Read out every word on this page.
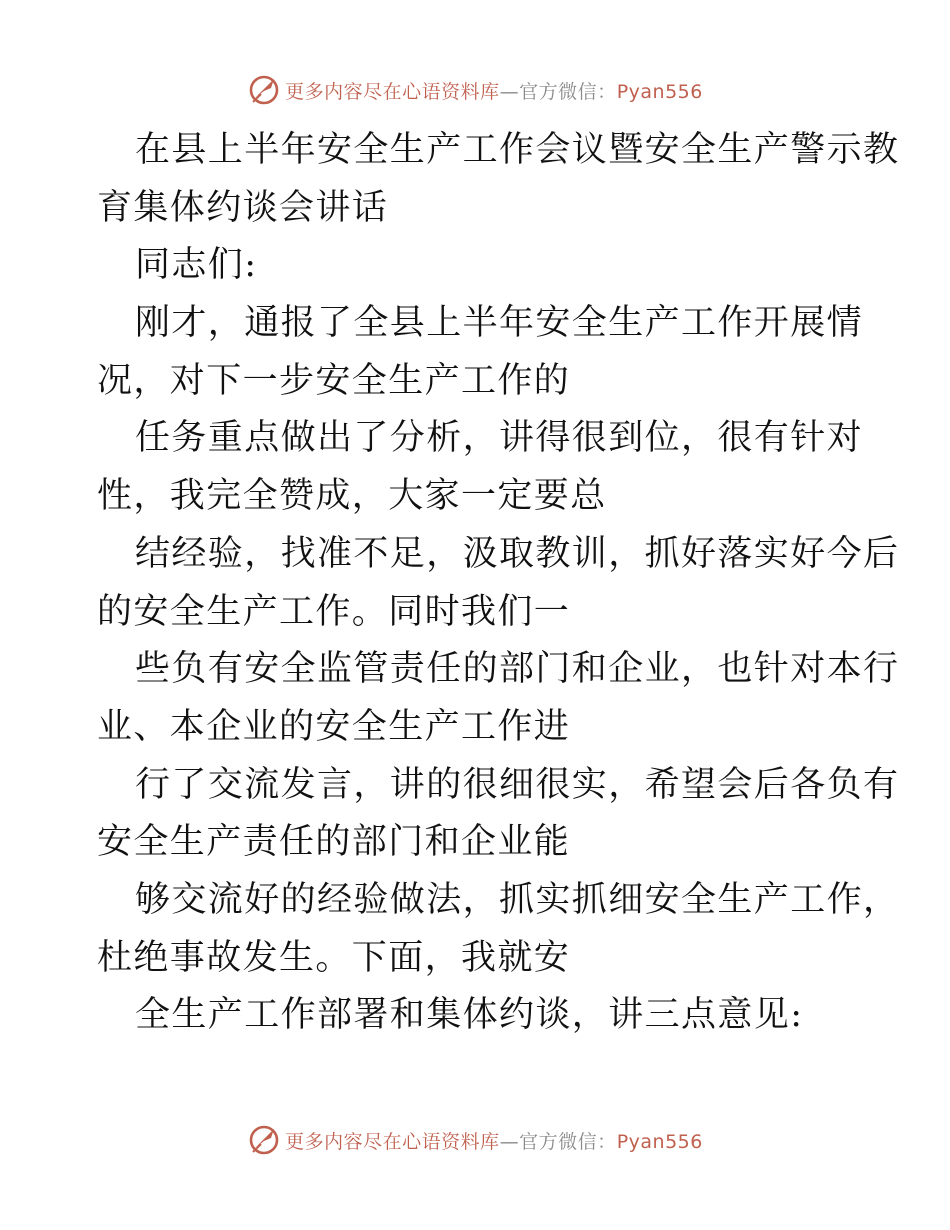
更多内容尽在心语资料库—官方微信：Pyan556
在县上半年安全生产工作会议暨安全生产警示教
育集体约谈会讲话
同志们:
刚才，通报了全县上半年安全生产工作开展情
况，对下一步安全生产工作的
任务重点做出了分析，讲得很到位，很有针对
性，我完全赞成，大家一定要总
结经验，找准不足，汲取教训，抓好落实好今后
的安全生产工作。同时我们一
些负有安全监管责任的部门和企业，也针对本行
业、本企业的安全生产工作进
行了交流发言，讲的很细很实，希望会后各负有
安全生产责任的部门和企业能
够交流好的经验做法，抓实抓细安全生产工作，
杜绝事故发生。下面，我就安
全生产工作部署和集体约谈，讲三点意见:
更多内容尽在心语资料库—官方微信：Pyan556
